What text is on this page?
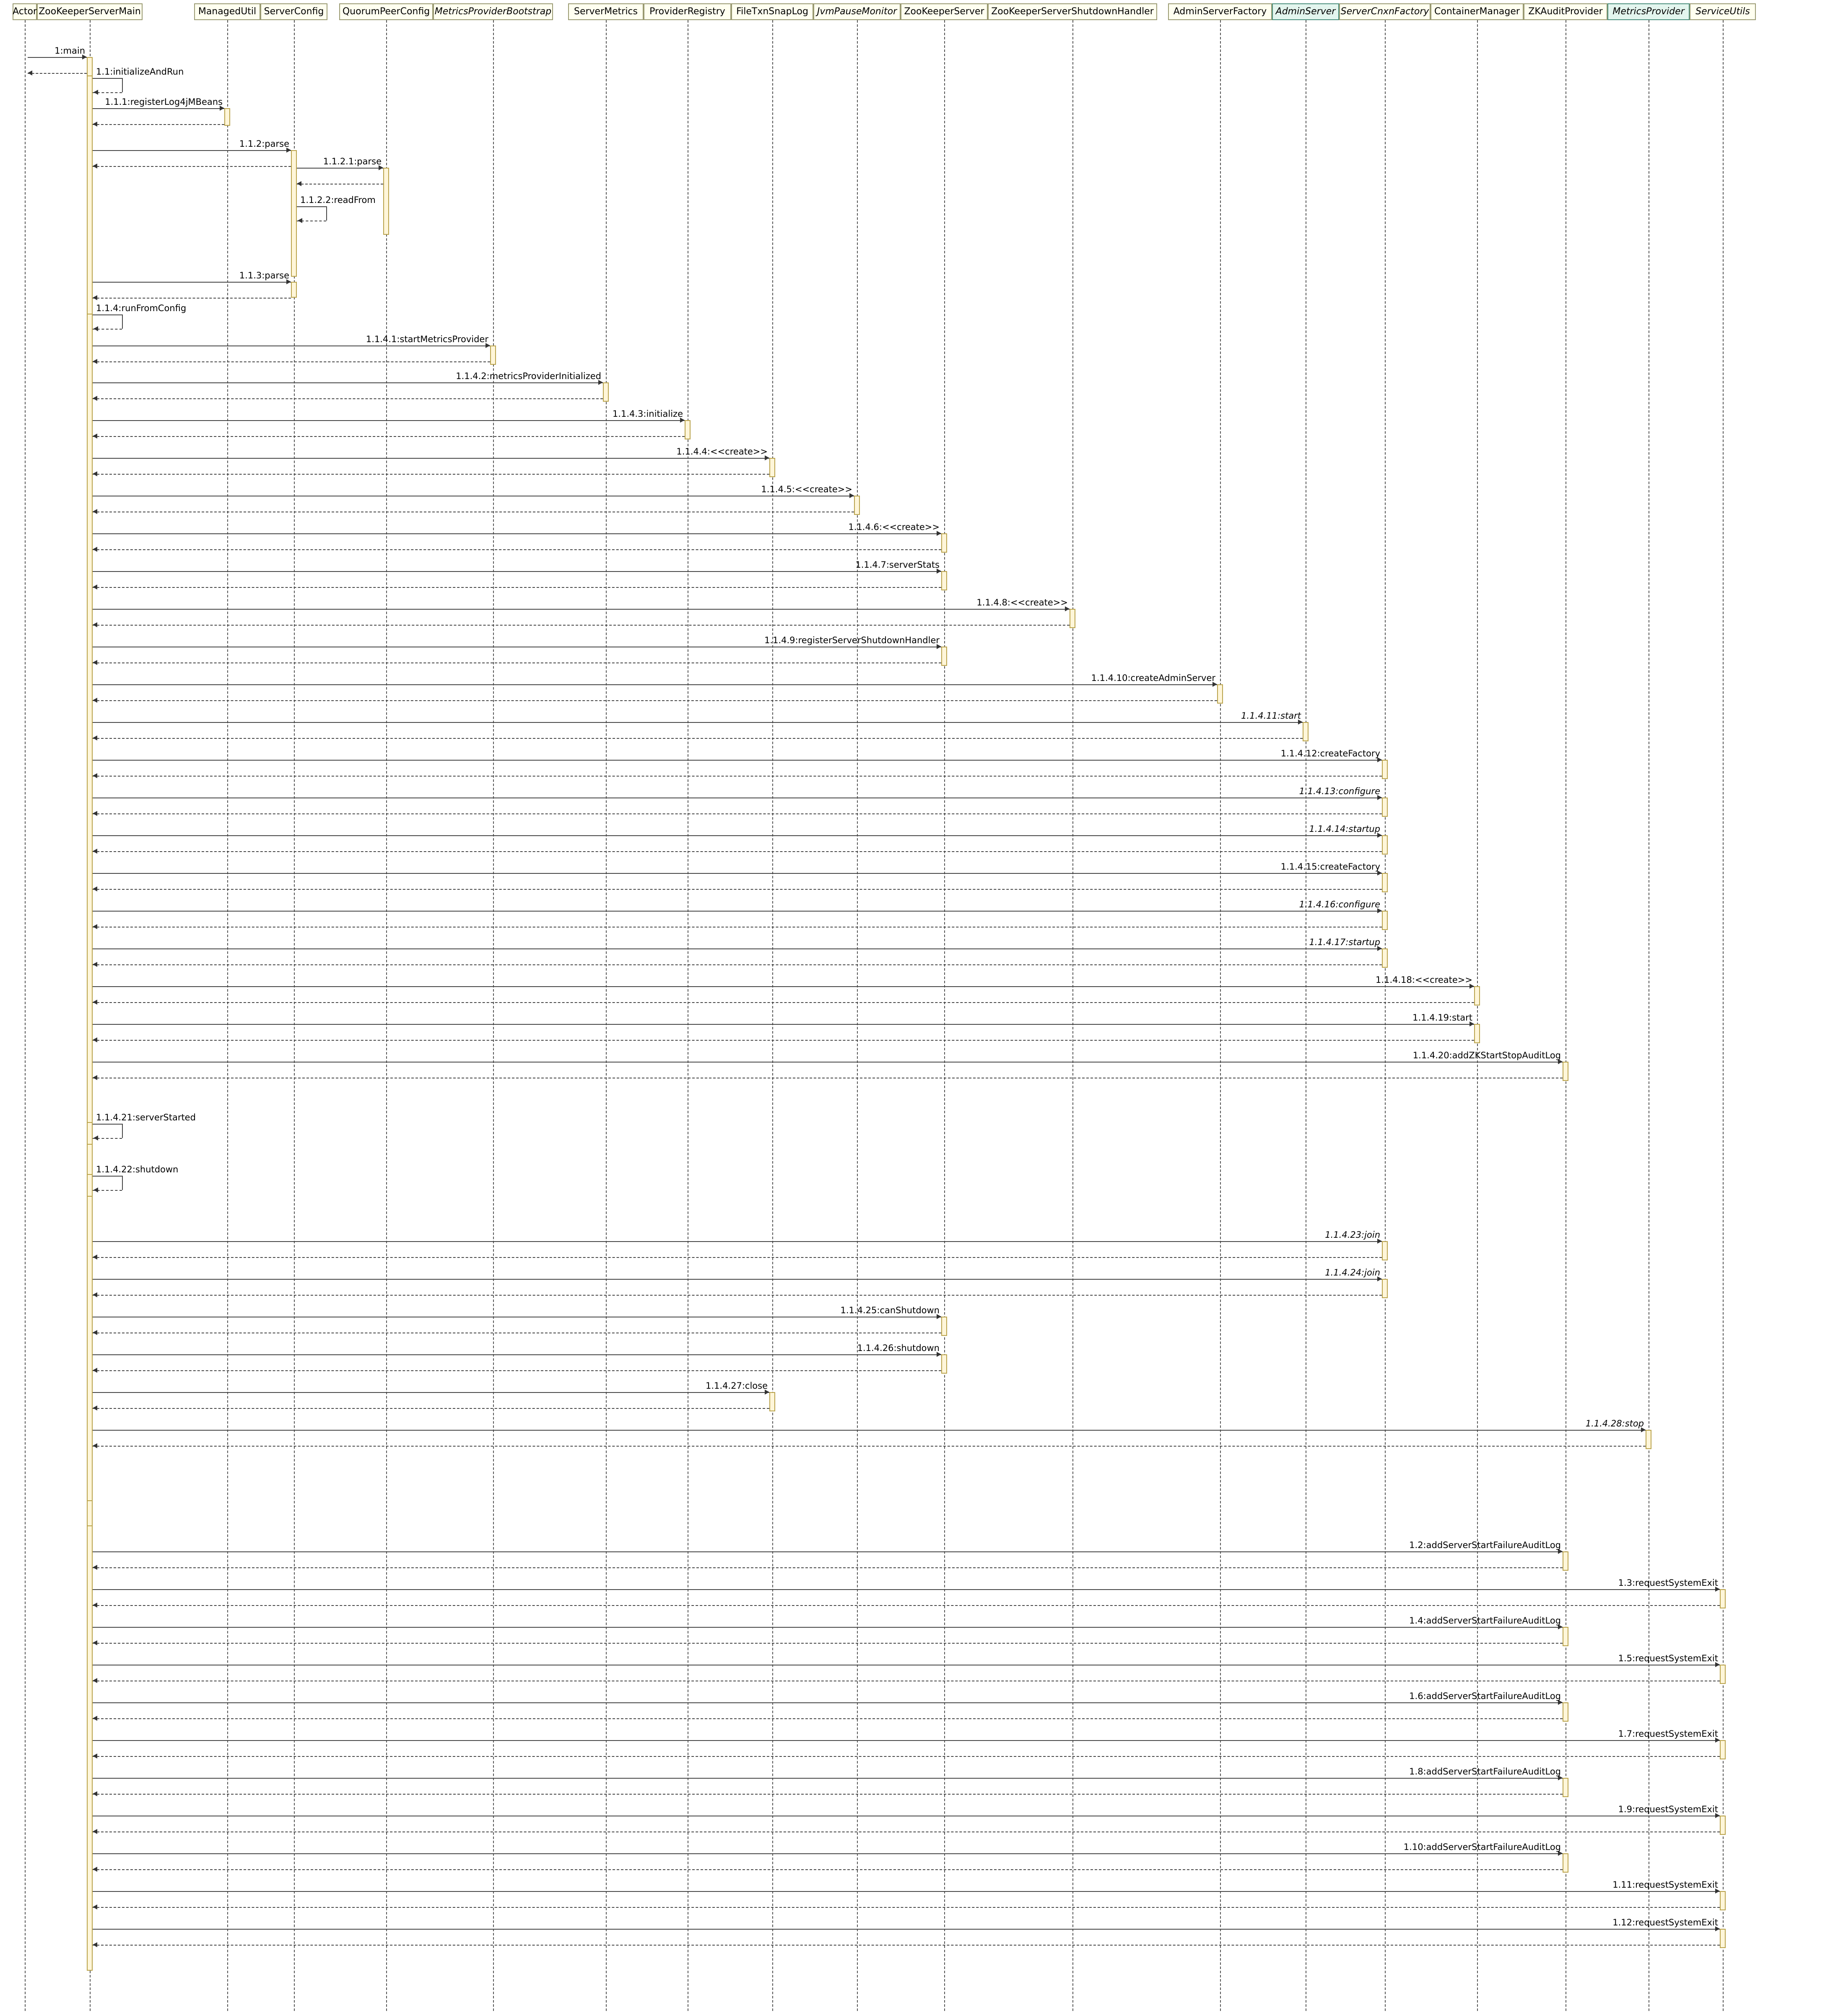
Actor ZooKeeperServerMain	ManagedUtil ServerConfig	QuorumPeerConfig MetricsProviderBootstrap	ServerMetrics	ProviderRegistry	FileTxnSnapLog JvmPauseMonitor ZooKeeperServer ZooKeeperServerShutdownHandler	AdminServerFactory AdminServer ServerCnxnFactory ContainerManager ZKAuditProvider	MetricsProvider	ServiceUtils
1:main
1.1:initializeAndRun
1.1.1:registerLog4jMBeans
1.1.2:parse
1.1.2.1:parse
1.1.2.2:readFrom
1.1.3:parse
1.1.4:runFromConfig
1.1.4.1:startMetricsProvider
1.1.4.2:metricsProviderInitialized
1.1.4.3:initialize
1.1.4.4:<<create>>
1.1.4.5:<<create>>
1.1.4.6:<<create>>
1.1.4.7:serverStats
1.1.4.8:<<create>>
1.1.4.9:registerServerShutdownHandler
1.1.4.10:createAdminServer
1.1.4.11:start
1.1.4.12:createFactory
1.1.4.13:configure
1.1.4.14:startup
1.1.4.15:createFactory
1.1.4.16:configure
1.1.4.17:startup
1.1.4.18:<<create>>
1.1.4.19:start
1.1.4.20:addZKStartStopAuditLog
1.1.4.21:serverStarted
1.1.4.22:shutdown
1.1.4.23:join
1.1.4.24:join
1.1.4.25:canShutdown
1.1.4.26:shutdown
1.1.4.27:close
1.1.4.28:stop
1.2:addServerStartFailureAuditLog
1.3:requestSystemExit
1.4:addServerStartFailureAuditLog
1.5:requestSystemExit
1.6:addServerStartFailureAuditLog
1.7:requestSystemExit
1.8:addServerStartFailureAuditLog
1.9:requestSystemExit
1.10:addServerStartFailureAuditLog
1.11:requestSystemExit
1.12:requestSystemExit
